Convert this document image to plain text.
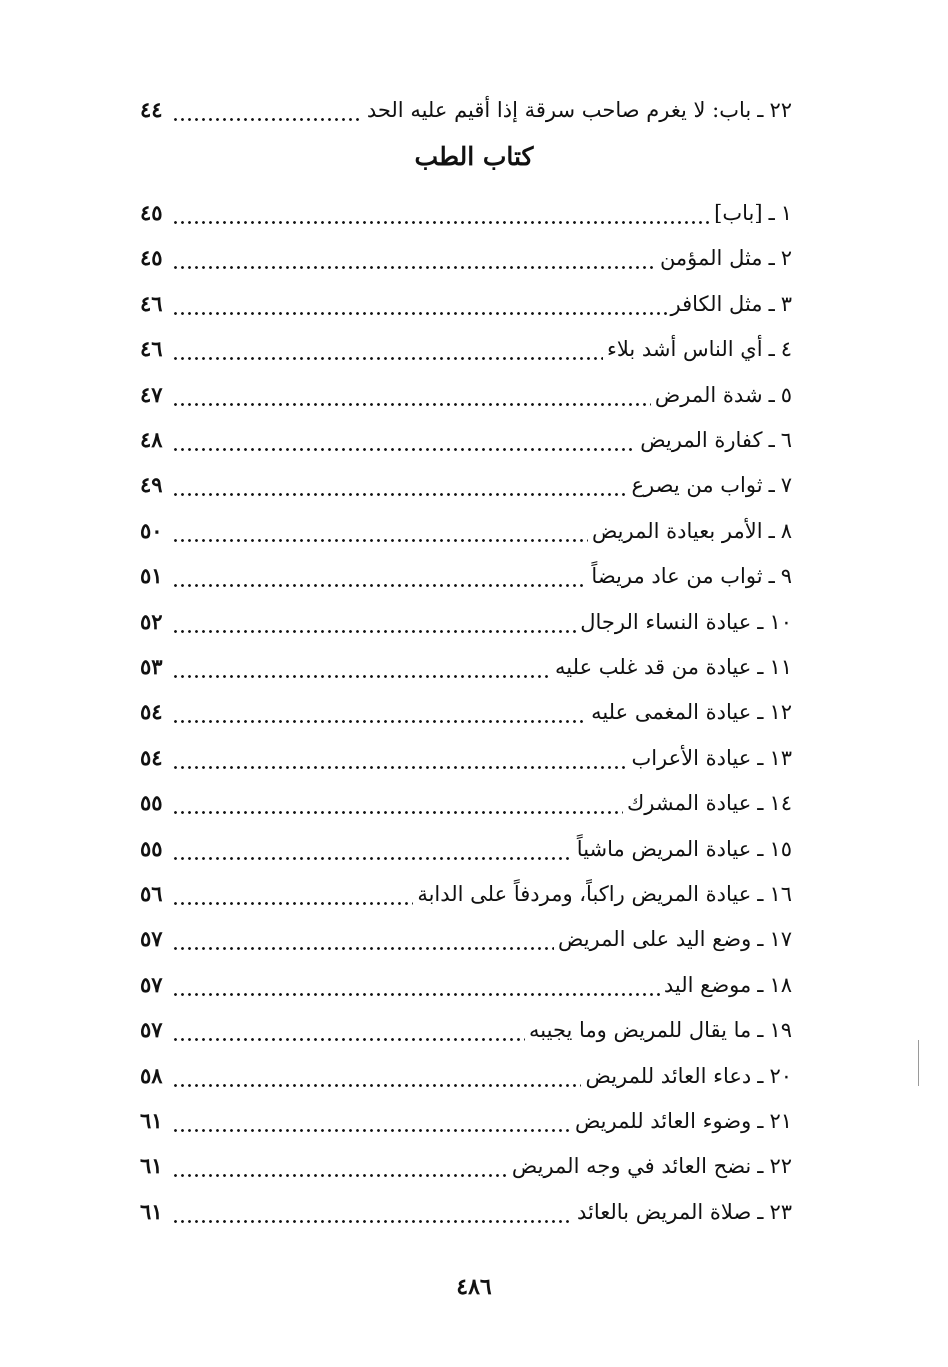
٢٢
ـ
باب: لا يغرم صاحب سرقة إذا أقيم عليه الحد
٤٤
كتاب الطب
١
ـ
[باب]
٤٥
٢
ـ
مثل المؤمن
٤٥
٣
ـ
مثل الكافر
٤٦
٤
ـ
أي الناس أشد بلاء
٤٦
٥
ـ
شدة المرض
٤٧
٦
ـ
كفارة المريض
٤٨
٧
ـ
ثواب من يصرع
٤٩
٨
ـ
الأمر بعيادة المريض
٥٠
٩
ـ
ثواب من عاد مريضاً
٥١
١٠
ـ
عيادة النساء الرجال
٥٢
١١
ـ
عيادة من قد غلب عليه
٥٣
١٢
ـ
عيادة المغمى عليه
٥٤
١٣
ـ
عيادة الأعراب
٥٤
١٤
ـ
عيادة المشرك
٥٥
١٥
ـ
عيادة المريض ماشياً
٥٥
١٦
ـ
عيادة المريض راكباً، ومردفاً على الدابة
٥٦
١٧
ـ
وضع اليد على المريض
٥٧
١٨
ـ
موضع اليد
٥٧
١٩
ـ
ما يقال للمريض وما يجيبه
٥٧
٢٠
ـ
دعاء العائد للمريض
٥٨
٢١
ـ
وضوء العائد للمريض
٦١
٢٢
ـ
نضح العائد في وجه المريض
٦١
٢٣
ـ
صلاة المريض بالعائد
٦١
٤٨٦
